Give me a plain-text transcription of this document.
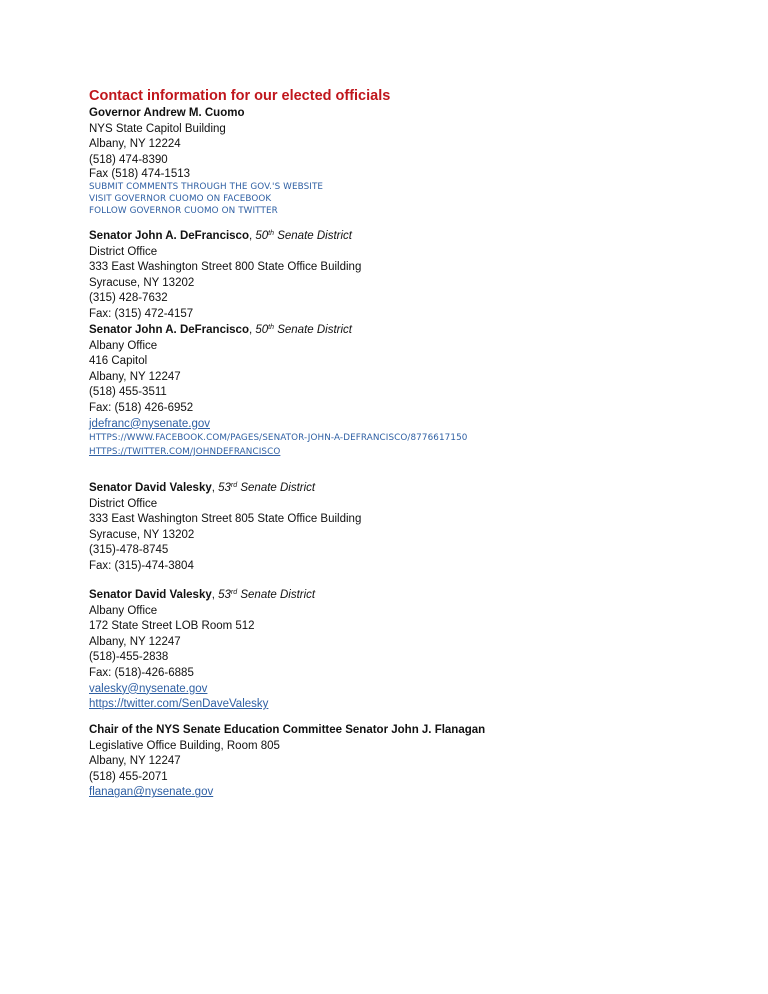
Contact information for our elected officials
Governor Andrew M. Cuomo
NYS State Capitol Building
Albany, NY 12224
(518) 474-8390
Fax (518) 474-1513
SUBMIT COMMENTS THROUGH THE GOV.'S WEBSITE
VISIT GOVERNOR CUOMO ON FACEBOOK
FOLLOW GOVERNOR CUOMO ON TWITTER
Senator John A. DeFrancisco, 50th Senate District
District Office
333 East Washington Street 800 State Office Building
Syracuse, NY 13202
(315) 428-7632
Fax: (315) 472-4157
Senator John A. DeFrancisco, 50th Senate District
Albany Office
416 Capitol
Albany, NY 12247
(518) 455-3511
Fax: (518) 426-6952
jdefranc@nysenate.gov
HTTPS://WWW.FACEBOOK.COM/PAGES/SENATOR-JOHN-A-DEFRANCISCO/8776617150
HTTPS://TWITTER.COM/JOHNDEFRANCISCO
Senator David Valesky, 53rd Senate District
District Office
333 East Washington Street 805 State Office Building
Syracuse, NY 13202
(315)-478-8745
Fax: (315)-474-3804
Senator David Valesky, 53rd Senate District
Albany Office
172 State Street LOB Room 512
Albany, NY 12247
(518)-455-2838
Fax: (518)-426-6885
valesky@nysenate.gov
https://twitter.com/SenDaveValesky
Chair of the NYS Senate Education Committee Senator John J. Flanagan
Legislative Office Building, Room 805
Albany, NY 12247
(518) 455-2071
flanagan@nysenate.gov
